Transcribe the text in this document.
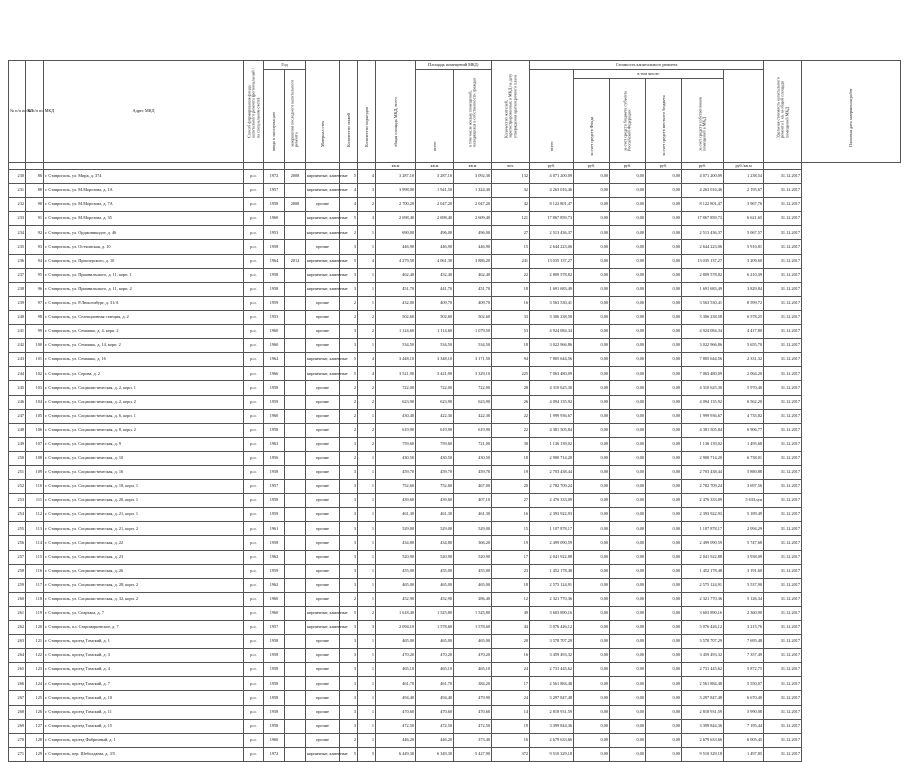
№ п/п по КП	№ п/п по МКД	Адрес МКД	Способ формирования фонда капитального ремонта (региональный / на специальном счете)	Год		Материал стен	Количество этажей	Количество подъездов	общая площадь МКД, всего	Площадь помещений МКД:		Количество жителей, зарегистрированных в МКД на дату утверждения краткосрочного плана	Стоимость капитального ремонта						Удельная стоимость капитального ремонта 1 кв. м общей площади помещений МКД	Плановая дата завершения работ

				ввода в эксплуатацию	завершения последнего капитального ремонта					всего	в том числе жилых помещений, находящихся в собственности граждан		всего	в том числе:						

														за счет средств Фонда	за счет средств бюджета субъекта Российской Федерации	за счет средств местного бюджета	за счет средств собственников помещений в МКД			

									кв.м	кв.м	кв.м	чел.	руб.	руб.	руб.	руб.	руб.	руб./кв.м		
230	86	г. Ставрополь, ул. Мира, д. 374	р.о.	1972	2008	кирпичные, каменные	5	4	3 287,10	3 287,10	3 092,30	132	4 071 200,09	0,00	0,00	0,00	4 071 200,09	1 238,54	31.12.2017	
231	88	г. Ставрополь, ул. М.Морозова, д. 1А	р.о.	1957		кирпичные, каменные	4	3	3 998,00	1 941,50	1 324,40	32	4 263 016,46	0,00	0,00	0,00	4 263 016,46	2 195,67	31.12.2017	
232	90	г. Ставрополь, ул. М.Морозова, д. 7А	р.о.	1958	2008	прочие	4	2	2 700,20	2 047,20	2 047,20	42	8 122 801,47	0,00	0,00	0,00	8 122 801,47	3 967,76	31.12.2017	
233	91	г. Ставрополь, ул. М.Морозова, д. 35	р.о.	1960		кирпичные, каменные	5	3	2 698,40	2 698,40	2 609,40	121	17 867 859,73	0,00	0,00	0,00	17 867 859,73	6 621,65	31.12.2017	
234	92	г. Ставрополь, ул. Орджоникидзе, д. 46	р.о.	1953		кирпичные, каменные	2	1	690,00	496,00	496,00	27	2 513 436,37	0,00	0,00	0,00	2 513 436,37	5 067,57	31.12.2017	
235	93	г. Ставрополь, ул. Остчинская, д. 10	р.о.	1958		прочие	3	1	446,90	446,90	446,90	15	2 644 223,06	0,00	0,00	0,00	2 644 223,06	5 916,81	31.12.2017	
236	94	г. Ставрополь, ул. Приозерского, д. 10	р.о.	1964	2012	кирпичные, каменные	5	4	4 279,50	4 061,30	3 886,20	241	13 035 137,27	0,00	0,00	0,00	13 035 137,27	3 209,60	31.12.2017	
237	95	г. Ставрополь, ул. Прианильского, д. 11, корп. 1	р.о.	1958		кирпичные, каменные	3	1	462,40	452,40	462,40	22	2 809 578,82	0,00	0,00	0,00	2 809 578,82	6 210,39	31.12.2017	
238	96	г. Ставрополь, ул. Прианильского, д. 11, корп. 2	р.о.	1958		кирпичные, каменные	3	1	451,70	441,70	451,70	18	1 691 683,49	0,00	0,00	0,00	1 691 683,49	3 829,84	31.12.2017	
239	97	г. Ставрополь, ул. Р.Люксембург, д. 31/А	р.о.	1959		прочие	2	1	432,00	409,70	409,70	16	3 563 530,41	0,00	0,00	0,00	3 563 530,41	8 599,72	31.12.2017	
240	98	г. Ставрополь, ул. Селекционная станция, д. 2	р.о.	1953		прочие	2	2	502,60	502,60	502,60	33	3 306 238,58	0,00	0,00	0,00	3 306 238,58	6 578,25	31.12.2017	
241	99	г. Ставрополь, ул. Семашко, д. 4, корп. 2	р.о.	1960		прочие	3	2	1 124,60	1 114,60	1 079,50	53	4 924 084,34	0,00	0,00	0,00	4 924 084,34	4 417,80	31.12.2017	
242	100	г. Ставрополь, ул. Семашко, д. 14, корп. 2	р.о.	1960		прочие	3	1	534,50	534,50	534,50	18	3 022 966,86	0,00	0,00	0,00	3 022 966,86	5 655,70	31.12.2017	
243	101	г. Ставрополь, ул. Семашко, д. 16	р.о.	1962		кирпичные, каменные	5	4	3 448,10	3 348,10	3 171,50	94	7 805 644,56	0,00	0,00	0,00	7 805 644,56	2 331,32	31.12.2017	
244	102	г. Ставрополь, ул. Серова, д. 2	р.о.	1966		кирпичные, каменные	5	4	3 521,90	3 421,90	3 329,10	225	7 063 480,09	0,00	0,00	0,00	7 063 480,09	2 064,20	31.12.2017	
245	103	г. Ставрополь, ул. Социалистическая, д. 2, корп. 1	р.о.	1958		прочие	2	2	722,00	722,00	722,00	28	4 310 625,30	0,00	0,00	0,00	4 310 625,30	5 970,40	31.12.2017	
246	104	г. Ставрополь, ул. Социалистическая, д. 2, корп. 2	р.о.	1959		прочие	2	2	623,90	623,90	623,90	26	4 094 135,92	0,00	0,00	0,00	4 094 135,92	6 562,20	31.12.2017	
247	105	г. Ставрополь, ул. Социалистическая, д. 6, корп. 1	р.о.	1960		прочие	2	1	430,40	422,30	422,30	22	1 999 936,67	0,00	0,00	0,00	1 999 936,67	4 735,82	31.12.2017	
248	106	г. Ставрополь, ул. Социалистическая, д. 8, корп. 2	р.о.	1958		прочие	2	2	619,90	619,90	619,90	22	4 381 505,84	0,00	0,00	0,00	4 381 505,84	6 906,77	31.12.2017	
249	107	г. Ставрополь, ул. Социалистическая, д. 9	р.о.	1963		прочие	3	2	759,60	759,60	721,00	30	1 136 139,02	0,00	0,00	0,00	1 136 139,02	1 495,68	31.12.2017	
250	108	г. Ставрополь, ул. Социалистическая, д. 10	р.о.	1956		прочие	2	1	430,50	430,50	430,50	18	2 900 714,20	0,00	0,00	0,00	2 900 714,20	6 738,01	31.12.2017	
251	109	г. Ставрополь, ул. Социалистическая, д. 16	р.о.	1958		прочие	3	1	459,70	459,70	459,70	19	2 703 438,44	0,00	0,00	0,00	2 703 438,44	5 880,88	31.12.2017	
252	110	г. Ставрополь, ул. Социалистическая, д. 18, корп. 1	р.о.	1957		прочие	3	1	752,60	752,60	467,00	20	2 782 709,24	0,00	0,00	0,00	2 782 709,24	3 697,56	31.12.2017	
253	111	г. Ставрополь, ул. Социалистическая, д. 20, корп. 1	р.о.	1958		прочие	3	1	439,60	439,60	407,10	27	2 476 333,09	0,00	0,00	0,00	2 476 333,09	5 633,syn	31.12.2017	
254	112	г. Ставрополь, ул. Социалистическая, д. 21, корп. 1	р.о.	1959		прочие	3	1	461,30	461,30	461,30	16	2 393 922,93	0,00	0,00	0,00	2 393 922,93	5 189,49	31.12.2017	
255	113	г. Ставрополь, ул. Социалистическая, д. 21, корп. 2	р.о.	1961		прочие	3	1	529,00	529,00	529,00	15	1 107 878,17	0,00	0,00	0,00	1 107 878,17	2 094,29	31.12.2017	
256	114	г. Ставрополь, ул. Социалистическая, д. 22	р.о.	1958		прочие	3	1	434,80	434,80	366,20	19	2 499 090,59	0,00	0,00	0,00	2 499 090,59	5 747,68	31.12.2017	
257	115	г. Ставрополь, ул. Социалистическая, д. 23	р.о.	1962		прочие	3	1	520,90	520,90	520,90	17	2 041 922,88	0,00	0,00	0,00	2 041 922,88	3 938,09	31.12.2017	
258	116	г. Ставрополь, ул. Социалистическая, д. 26	р.о.	1959		прочие	3	1	455,00	455,00	455,00	23	1 452 178,48	0,00	0,00	0,00	1 452 178,48	3 191,60	31.12.2017	
259	117	г. Ставрополь, ул. Социалистическая, д. 28, корп. 2	р.о.	1962		прочие	3	1	465,00	465,00	465,00	18	2 575 124,91	0,00	0,00	0,00	2 575 124,91	5 537,90	31.12.2017	
260	118	г. Ставрополь, ул. Социалистическая, д. 32, корп. 2	р.о.	1960		прочие	2	1	452,90	452,90	286,40	12	2 321 770,36	0,00	0,00	0,00	2 321 770,36	5 126,34	31.12.2017	
261	119	г. Ставрополь, ул. Спартака, д. 7	р.о.	1960		кирпичные, каменные	5	2	1 618,40	1 525,80	1 525,80	49	3 603 890,16	0,00	0,00	0,00	3 603 890,16	2 360,90	31.12.2017	
262	120	г. Ставрополь, пл. Старомарьевское, д. 7	р.о.	1957		кирпичные, каменные	3	3	2 094,10	1 578,60	1 578,60	44	5 076 426,12	0,00	0,00	0,00	5 076 426,12	3 215,76	31.12.2017	
263	121	г. Ставрополь, проезд Тамский, д. 1	р.о.	1958		прочие	3	1	465,00	465,00	465,00	20	3 578 707,29	0,00	0,00	0,00	3 578 707,29	7 695,48	31.12.2017	
264	122	г. Ставрополь, проезд Тамский, д. 3	р.о.	1958		прочие	3	1	470,20	470,20	470,20	16	3 459 493,32	0,00	0,00	0,00	3 459 493,32	7 357,49	31.12.2017	
265	123	г. Ставрополь, проезд Тамский, д. 4	р.о.	1958		прочие	3	1	465,10	465,10	465,10	24	2 731 445,62	0,00	0,00	0,00	2 731 445,62	5 872,75	31.12.2017	
266	124	г. Ставрополь, проезд Тамский, д. 7	р.о.	1958		прочие	3	1	461,70	461,70	384,20	17	2 561 884,48	0,00	0,00	0,00	2 561 884,48	5 550,07	31.12.2017	
267	125	г. Ставрополь, проезд Тамский, д. 10	р.о.	1958		прочие	3	1	494,40	494,40	479,90	24	3 297 847,48	0,00	0,00	0,00	3 297 847,48	6 670,40	31.12.2017	
268	126	г. Ставрополь, проезд Тамский, д. 11	р.о.	1958		прочие	3	1	470,60	470,60	470,60	14	2 818 931,59	0,00	0,00	0,00	2 818 931,59	5 990,08	31.12.2017	
269	127	г. Ставрополь, проезд Тамский, д. 15	р.о.	1958		прочие	3	1	472,50	472,50	472,50	19	3 399 844,36	0,00	0,00	0,00	3 399 844,36	7 195,44	31.12.2017	
270	128	г. Ставрополь, проезд Фабричный, д. 1	р.о.	1960		прочие	2	1	446,20	446,20	373,40	16	2 679 633,66	0,00	0,00	0,00	2 679 633,66	6 005,45	31.12.2017	
271	129	г. Ставрополь, пер. Шеболдаева, д. 3/5	р.о.	1972		кирпичные, каменные	5	5	6 449,30	6 349,30	5 427,90	372	9 510 329,18	0,00	0,00	0,00	9 510 329,18	1 497,85	31.12.2017	
